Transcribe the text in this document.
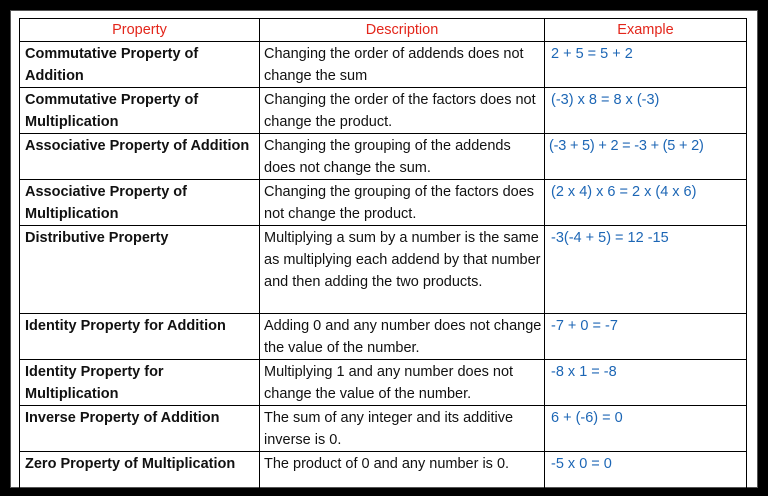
Property	Description	Example
Commutative Property of Addition	Changing the order of addends does not change the sum	2 + 5 = 5 + 2
Commutative Property of Multiplication	Changing the order of the factors does not change the product.	(-3) x 8 = 8 x (-3)
Associative Property of Addition	Changing the grouping of the addends does not change the sum.	(-3 + 5) + 2 = -3 + (5 + 2)
Associative Property of Multiplication	Changing the grouping of the factors does not change the product.	(2 x 4) x 6 = 2 x (4 x 6)
Distributive Property	Multiplying a sum by a number is the same as multiplying each addend by that number and then adding the two products.	-3(-4 + 5) = 12 -15
Identity Property for Addition	Adding 0 and any number does not change the value of the number.	-7 + 0 = -7
Identity Property for Multiplication	Multiplying 1 and any number does not change the value of the number.	-8 x 1 = -8
Inverse Property of Addition	The sum of any integer and its additive inverse is 0.	6 + (-6) = 0
Zero Property of Multiplication	The product of 0 and any number is 0.	-5 x 0 = 0
